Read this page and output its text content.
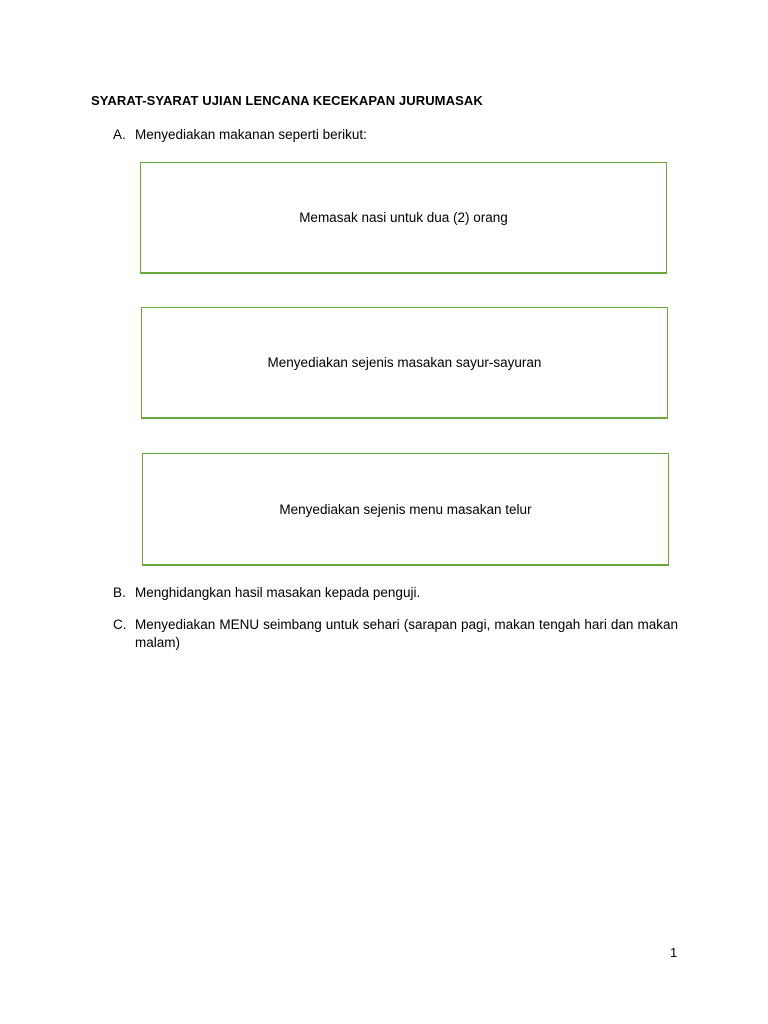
SYARAT-SYARAT UJIAN LENCANA KECEKAPAN JURUMASAK
A. Menyediakan makanan seperti berikut:
Memasak nasi untuk dua (2) orang
Menyediakan sejenis masakan sayur-sayuran
Menyediakan sejenis menu masakan telur
B. Menghidangkan hasil masakan kepada penguji.
C. Menyediakan MENU seimbang untuk sehari (sarapan pagi, makan tengah hari dan makan malam)
1
